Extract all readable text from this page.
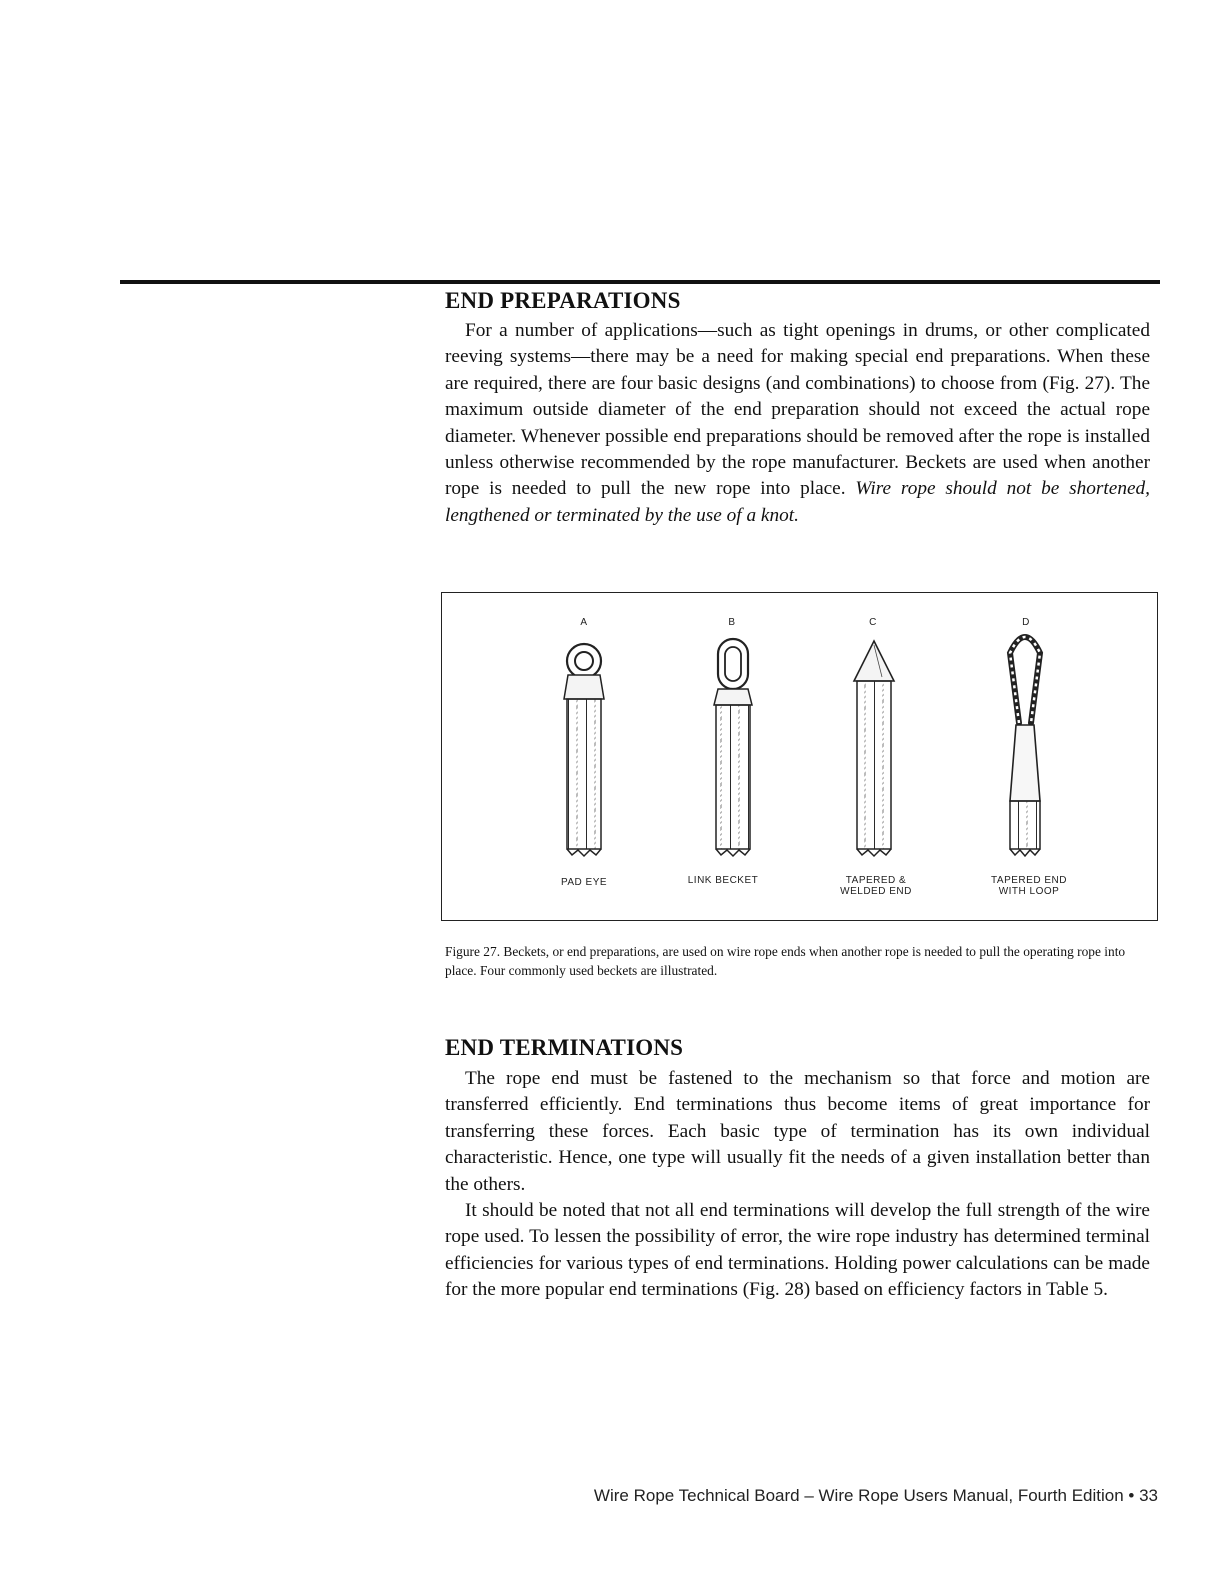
END PREPARATIONS

For a number of applications—such as tight openings in drums, or other complicated reeving systems—there may be a need for making special end preparations. When these are required, there are four basic designs (and combinations) to choose from (Fig. 27). The maximum outside diameter of the end preparation should not exceed the actual rope diameter. Whenever possible end preparations should be removed after the rope is installed unless otherwise recommended by the rope manufacturer. Beckets are used when another rope is needed to pull the new rope into place. Wire rope should not be shortened, lengthened or terminated by the use of a knot.

A	B	C	D
PAD EYE	LINK BECKET	TAPERED & WELDED END
TAPERED END WITH LOOP

Figure 27. Beckets, or end preparations, are used on wire rope ends when another rope is needed to pull the operating rope into place. Four commonly used beckets are illustrated.

END TERMINATIONS

The rope end must be fastened to the mechanism so that force and motion are transferred efficiently. End terminations thus become items of great importance for transferring these forces. Each basic type of termination has its own individual characteristic. Hence, one type will usually fit the needs of a given installation better than the others.

It should be noted that not all end terminations will develop the full strength of the wire rope used. To lessen the possibility of error, the wire rope industry has determined terminal efficiencies for various types of end terminations. Holding power calculations can be made for the more popular end terminations (Fig. 28) based on efficiency factors in Table 5.

Wire Rope Technical Board – Wire Rope Users Manual, Fourth Edition • 33
